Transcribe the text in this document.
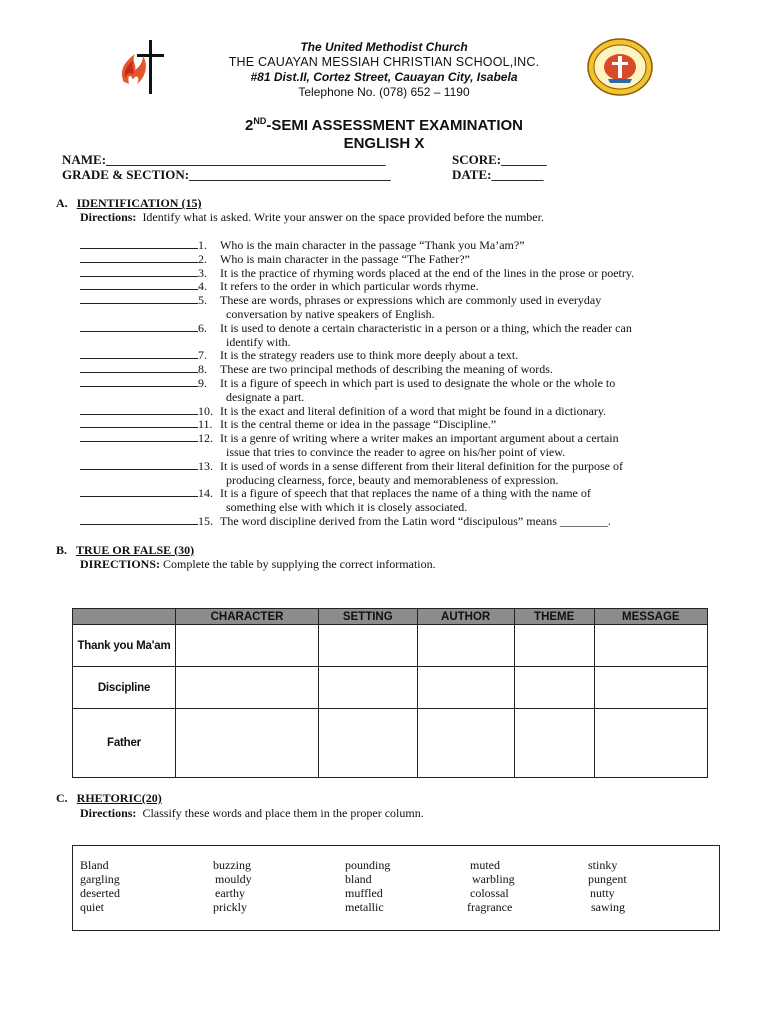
The United Methodist Church
THE CAUAYAN MESSIAH CHRISTIAN SCHOOL,INC.
#81 Dist.II, Cortez Street, Cauayan City, Isabela
Telephone No. (078) 652 – 1190
2ND-SEMI ASSESSMENT EXAMINATION
ENGLISH X
NAME:___________________________________________	SCORE:_______
GRADE & SECTION:_______________________________	DATE:________
A. IDENTIFICATION (15)
Directions: Identify what is asked. Write your answer on the space provided before the number.
1. Who is the main character in the passage “Thank you Ma’am?”
2. Who is main character in the passage “The Father?”
3. It is the practice of rhyming words placed at the end of the lines in the prose or poetry.
4. It refers to the order in which particular words rhyme.
5. These are words, phrases or expressions which are commonly used in everyday
conversation by native speakers of English.
6. It is used to denote a certain characteristic in a person or a thing, which the reader can
identify with.
7. It is the strategy readers use to think more deeply about a text.
8. These are two principal methods of describing the meaning of words.
9. It is a figure of speech in which part is used to designate the whole or the whole to
designate a part.
10. It is the exact and literal definition of a word that might be found in a dictionary.
11. It is the central theme or idea in the passage “Discipline.”
12. It is a genre of writing where a writer makes an important argument about a certain
issue that tries to convince the reader to agree on his/her point of view.
13. It is used of words in a sense different from their literal definition for the purpose of
producing clearness, force, beauty and memorableness of expression.
14. It is a figure of speech that that replaces the name of a thing with the name of
something else with which it is closely associated.
15. The word discipline derived from the Latin word “discipulous” means ________.
B. TRUE OR FALSE (30)
DIRECTIONS: Complete the table by supplying the correct information.
	CHARACTER	SETTING	AUTHOR	THEME	MESSAGE
Thank you Ma'am					
Discipline					
Father					
C. RHETORIC(20)
Directions: Classify these words and place them in the proper column.
Bland	buzzing	pounding	muted	stinky
gargling	mouldy	bland	warbling	pungent
deserted	earthy	muffled	colossal	nutty
quiet	prickly	metallic	fragrance	sawing
